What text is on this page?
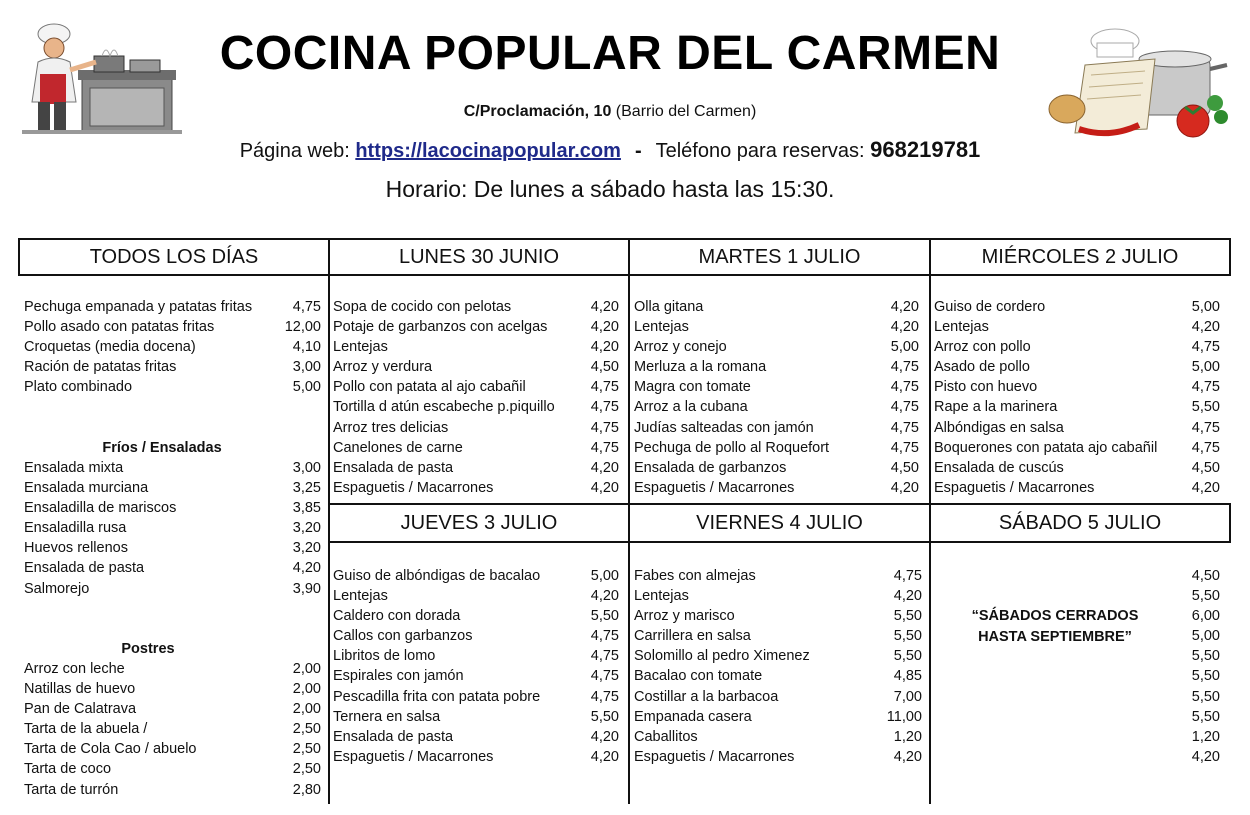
COCINA POPULAR DEL CARMEN
C/Proclamación, 10 (Barrio del Carmen)
Página web: https://lacocinapopular.com - Teléfono para reservas: 968219781
Horario: De lunes a sábado hasta las 15:30.
TODOS LOS DÍAS	LUNES 30 JUNIO	MARTES 1 JULIO	MIÉRCOLES 2 JULIO
JUEVES 3 JULIO	VIERNES 4 JULIO	SÁBADO 5 JULIO
Pechuga empanada y patatas fritas	4,75
Pollo asado con patatas fritas	12,00
Croquetas (media docena)	4,10
Ración de patatas fritas	3,00
Plato combinado	5,00
Fríos / Ensaladas
Ensalada mixta	3,00
Ensalada murciana	3,25
Ensaladilla de mariscos	3,85
Ensaladilla rusa	3,20
Huevos rellenos	3,20
Ensalada de pasta	4,20
Salmorejo	3,90
Postres
Arroz con leche	2,00
Natillas de huevo	2,00
Pan de Calatrava	2,00
Tarta de la abuela /	2,50
Tarta de Cola Cao / abuelo	2,50
Tarta de coco	2,50
Tarta de turrón	2,80
Sopa de cocido con pelotas	4,20
Potaje de garbanzos con acelgas	4,20
Lentejas	4,20
Arroz y verdura	4,50
Pollo con patata al ajo cabañil	4,75
Tortilla d atún escabeche p.piquillo 4,75
Arroz tres delicias	4,75
Canelones de carne	4,75
Ensalada de pasta	4,20
Espaguetis / Macarrones	4,20
Olla gitana	4,20
Lentejas	4,20
Arroz y conejo	5,00
Merluza a la romana	4,75
Magra con tomate	4,75
Arroz a la cubana	4,75
Judías salteadas con jamón	4,75
Pechuga de pollo al Roquefort	4,75
Ensalada de garbanzos	4,50
Espaguetis / Macarrones	4,20
Guiso de cordero	5,00
Lentejas	4,20
Arroz con pollo	4,75
Asado de pollo	5,00
Pisto con huevo	4,75
Rape a la marinera	5,50
Albóndigas en salsa	4,75
Boquerones con patata ajo cabañil 4,75
Ensalada de cuscús	4,50
Espaguetis / Macarrones	4,20
Guiso de albóndigas de bacalao	5,00
Lentejas	4,20
Caldero con dorada	5,50
Callos con garbanzos	4,75
Libritos de lomo	4,75
Espirales con jamón	4,75
Pescadilla frita con patata pobre	4,75
Ternera en salsa	5,50
Ensalada de pasta	4,20
Espaguetis / Macarrones	4,20
Fabes con almejas	4,75
Lentejas	4,20
Arroz y marisco	5,50
Carrillera en salsa	5,50
Solomillo al pedro Ximenez	5,50
Bacalao con tomate	4,85
Costillar a la barbacoa	7,00
Empanada casera	11,00
Caballitos	1,20
Espaguetis / Macarrones	4,20
“SÁBADOS CERRADOS
HASTA SEPTIEMBRE”
4,50
5,50
6,00
5,00
5,50
5,50
5,50
5,50
1,20
4,20
